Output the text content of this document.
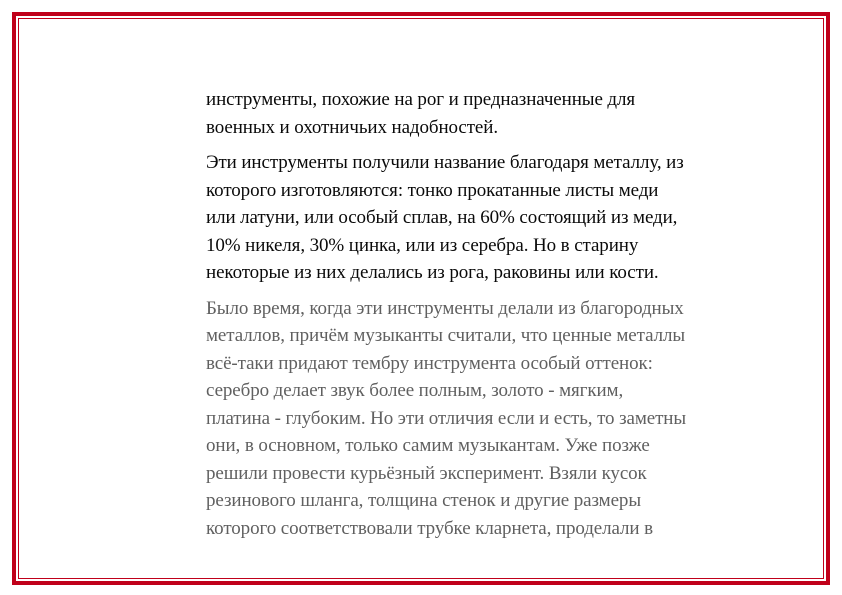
инструменты, похожие на рог и предназначенные для
военных и охотничьих надобностей.

Эти инструменты получили название благодаря металлу, из
которого изготовляются: тонко прокатанные листы меди
или латуни, или особый сплав, на 60% состоящий из меди,
10% никеля, 30% цинка, или из серебра. Но в старину
некоторые из них делались из рога, раковины или кости.

Было время, когда эти инструменты делали из благородных
металлов, причём музыканты считали, что ценные металлы
всё-таки придают тембру инструмента особый оттенок:
серебро делает звук более полным, золото - мягким,
платина - глубоким. Но эти отличия если и есть, то заметны
они, в основном, только самим музыкантам. Уже позже
решили провести курьёзный эксперимент. Взяли кусок
резинового шланга, толщина стенок и другие размеры
которого соответствовали трубке кларнета, проделали в
